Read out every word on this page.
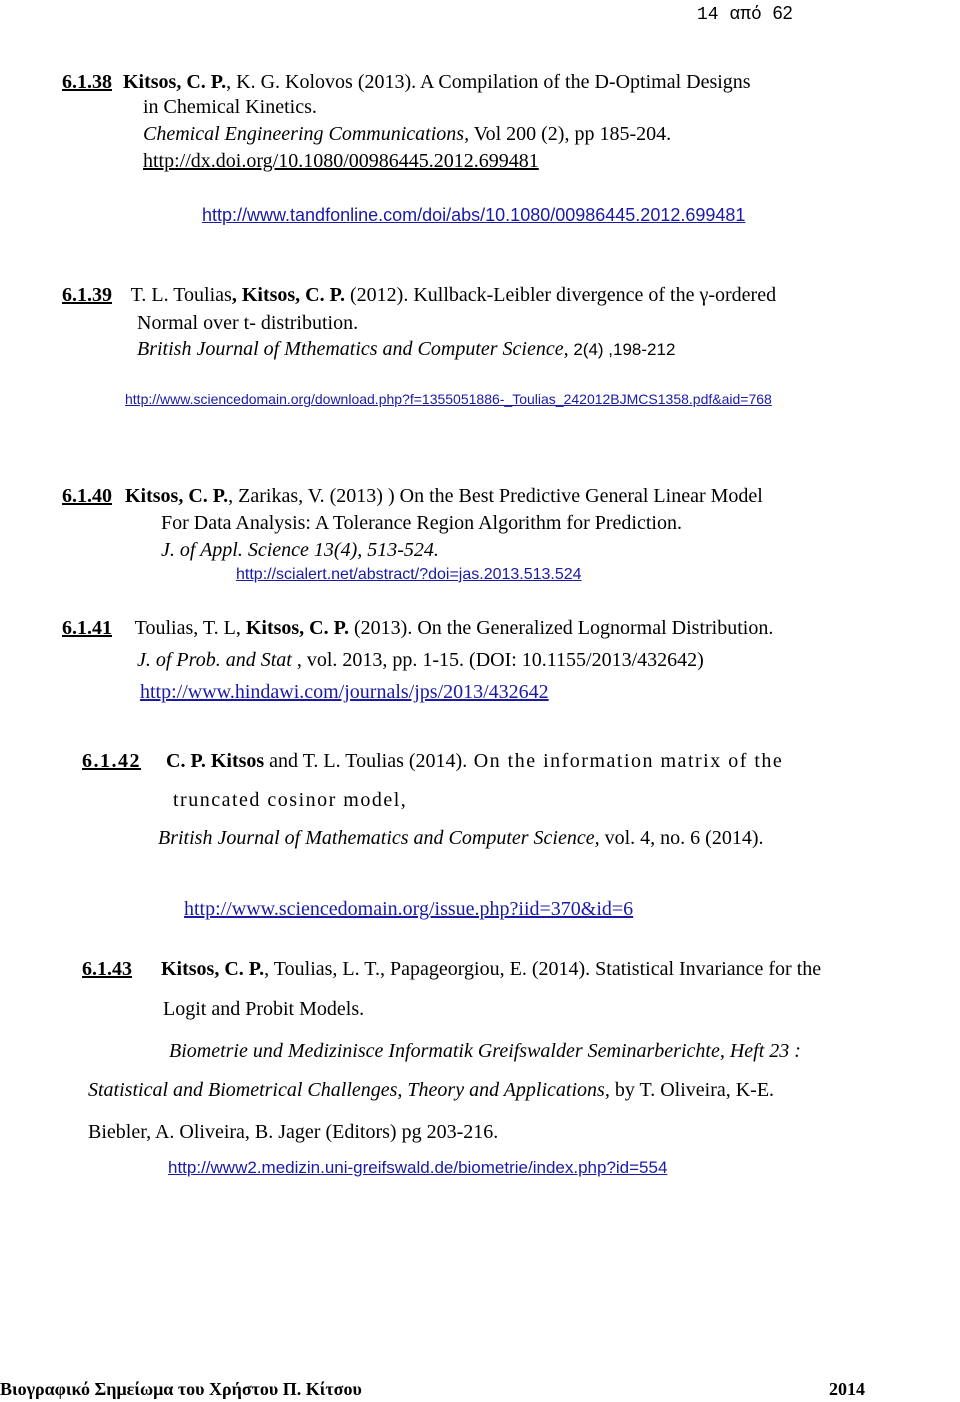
14 από 62
6.1.38 Kitsos, C. P., K. G. Kolovos (2013). A Compilation of the D-Optimal Designs
in Chemical Kinetics.
Chemical Engineering Communications, Vol 200 (2), pp 185-204.
http://dx.doi.org/10.1080/00986445.2012.699481
http://www.tandfonline.com/doi/abs/10.1080/00986445.2012.699481
6.1.39 T. L. Toulias, Kitsos, C. P. (2012). Kullback-Leibler divergence of the γ-ordered
Normal over t- distribution.
British Journal of Mthematics and Computer Science, 2(4) ,198-212
http://www.sciencedomain.org/download.php?f=1355051886-_Toulias_242012BJMCS1358.pdf&aid=768
6.1.40 Kitsos, C. P., Zarikas, V. (2013) ) On the Best Predictive General Linear Model
For Data Analysis: A Tolerance Region Algorithm for Prediction.
J. of Appl. Science 13(4), 513-524.
http://scialert.net/abstract/?doi=jas.2013.513.524
6.1.41 Toulias, T. L, Kitsos, C. P. (2013). On the Generalized Lognormal Distribution.
J. of Prob. and Stat , vol. 2013, pp. 1-15. (DOI: 10.1155/2013/432642)
http://www.hindawi.com/journals/jps/2013/432642
6.1.42 C. P. Kitsos and T. L. Toulias (2014). On the information matrix of the
truncated cosinor model,
British Journal of Mathematics and Computer Science, vol. 4, no. 6 (2014).
http://www.sciencedomain.org/issue.php?iid=370&id=6
6.1.43 Kitsos, C. P., Toulias, L. T., Papageorgiou, E. (2014). Statistical Invariance for the
Logit and Probit Models.
Biometrie und Medizinisce Informatik Greifswalder Seminarberichte, Heft 23 :
Statistical and Biometrical Challenges, Theory and Applications, by T. Oliveira, K-E.
Biebler, A. Oliveira, B. Jager (Editors) pg 203-216.
http://www2.medizin.uni-greifswald.de/biometrie/index.php?id=554
Βιογραφικό Σημείωμα του Χρήστου Π. Κίτσου	2014
